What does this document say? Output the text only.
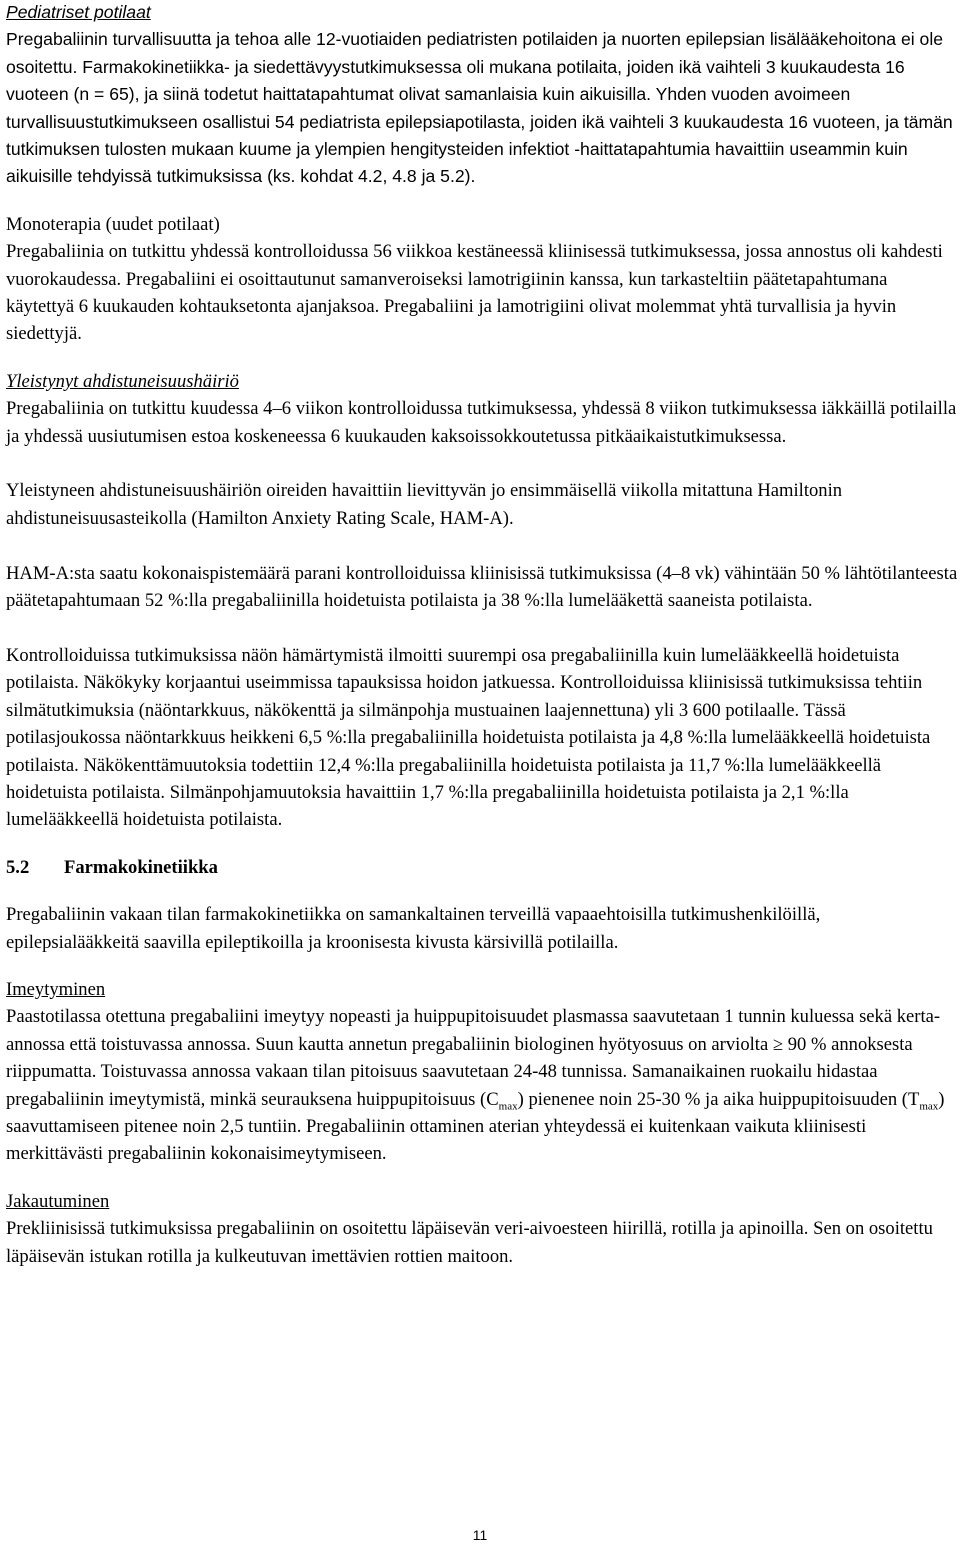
Pediatriset potilaat

Pregabaliinin turvallisuutta ja tehoa alle 12-vuotiaiden pediatristen potilaiden ja nuorten epilepsian lisälääkehoitona ei ole osoitettu. Farmakokinetiikka- ja siedettävyystutkimuksessa oli mukana potilaita, joiden ikä vaihteli 3 kuukaudesta 16 vuoteen (n = 65), ja siinä todetut haittatapahtumat olivat samanlaisia kuin aikuisilla. Yhden vuoden avoimeen turvallisuustutkimukseen osallistui 54 pediatrista epilepsiapotilasta, joiden ikä vaihteli 3 kuukaudesta 16 vuoteen, ja tämän tutkimuksen tulosten mukaan kuume ja ylempien hengitysteiden infektiot -haittatapahtumia havaittiin useammin kuin aikuisille tehdyissä tutkimuksissa (ks. kohdat 4.2, 4.8 ja 5.2).

Monoterapia (uudet potilaat)

Pregabaliinia on tutkittu yhdessä kontrolloidussa 56 viikkoa kestäneessä kliinisessä tutkimuksessa, jossa annostus oli kahdesti vuorokaudessa. Pregabaliini ei osoittautunut samanveroiseksi lamotrigiinin kanssa, kun tarkasteltiin päätetapahtumana käytettyä 6 kuukauden kohtauksetonta ajanjaksoa. Pregabaliini ja lamotrigiini olivat molemmat yhtä turvallisia ja hyvin siedettyjä.

Yleistynyt ahdistuneisuushäiriö

Pregabaliinia on tutkittu kuudessa 4–6 viikon kontrolloidussa tutkimuksessa, yhdessä 8 viikon tutkimuksessa iäkkäillä potilailla ja yhdessä uusiutumisen estoa koskeneessa 6 kuukauden kaksoissokkoutetussa pitkäaikaistutkimuksessa.

Yleistyneen ahdistuneisuushäiriön oireiden havaittiin lievittyvän jo ensimmäisellä viikolla mitattuna Hamiltonin ahdistuneisuusasteikolla (Hamilton Anxiety Rating Scale, HAM-A).

HAM-A:sta saatu kokonaispistemäärä parani kontrolloiduissa kliinisissä tutkimuksissa (4–8 vk) vähintään 50 % lähtötilanteesta päätetapahtumaan 52 %:lla pregabaliinilla hoidetuista potilaista ja 38 %:lla lumelääkettä saaneista potilaista.

Kontrolloiduissa tutkimuksissa näön hämärtymistä ilmoitti suurempi osa pregabaliinilla kuin lumelääkkeellä hoidetuista potilaista. Näkökyky korjaantui useimmissa tapauksissa hoidon jatkuessa. Kontrolloiduissa kliinisissä tutkimuksissa tehtiin silmätutkimuksia (näöntarkkuus, näkökenttä ja silmänpohja mustuainen laajennettuna) yli 3 600 potilaalle. Tässä potilasjoukossa näöntarkkuus heikkeni 6,5 %:lla pregabaliinilla hoidetuista potilaista ja 4,8 %:lla lumelääkkeellä hoidetuista potilaista. Näkökenttämuutoksia todettiin 12,4 %:lla pregabaliinilla hoidetuista potilaista ja 11,7 %:lla lumelääkkeellä hoidetuista potilaista. Silmänpohjamuutoksia havaittiin 1,7 %:lla pregabaliinilla hoidetuista potilaista ja 2,1 %:lla lumelääkkeellä hoidetuista potilaista.

5.2 Farmakokinetiikka

Pregabaliinin vakaan tilan farmakokinetiikka on samankaltainen terveillä vapaaehtoisilla tutkimushenkilöillä, epilepsialääkkeitä saavilla epileptikoilla ja kroonisesta kivusta kärsivillä potilailla.

Imeytyminen

Paastotilassa otettuna pregabaliini imeytyy nopeasti ja huippupitoisuudet plasmassa saavutetaan 1 tunnin kuluessa sekä kerta-annossa että toistuvassa annossa. Suun kautta annetun pregabaliinin biologinen hyötyosuus on arviolta ≥ 90 % annoksesta riippumatta. Toistuvassa annossa vakaan tilan pitoisuus saavutetaan 24-48 tunnissa. Samanaikainen ruokailu hidastaa pregabaliinin imeytymistä, minkä seurauksena huippupitoisuus $(C_{max})$ pienenee noin 25-30 % ja aika huippupitoisuuden $(T_{max})$ saavuttamiseen pitenee noin 2,5 tuntiin. Pregabaliinin ottaminen aterian yhteydessä ei kuitenkaan vaikuta kliinisesti merkittävästi pregabaliinin kokonaisimeytymiseen.

Jakautuminen

Prekliinisissä tutkimuksissa pregabaliinin on osoitettu läpäisevän veri-aivoesteen hiirillä, rotilla ja apinoilla. Sen on osoitettu läpäisevän istukan rotilla ja kulkeutuvan imettävien rottien maitoon.

11
